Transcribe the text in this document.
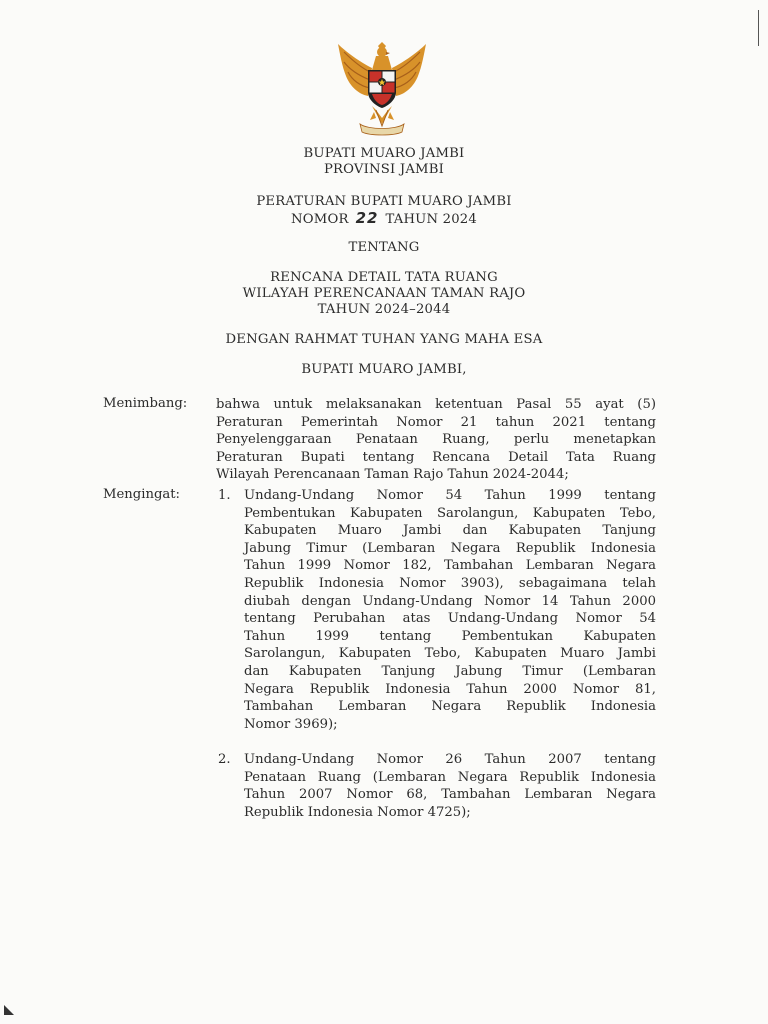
BUPATI MUARO JAMBI
PROVINSI JAMBI
PERATURAN BUPATI MUARO JAMBI
NOMOR 22 TAHUN 2024
TENTANG
RENCANA DETAIL TATA RUANG
WILAYAH PERENCANAAN TAMAN RAJO
TAHUN 2024–2044
DENGAN RAHMAT TUHAN YANG MAHA ESA
BUPATI MUARO JAMBI,
Menimbang: bahwa untuk melaksanakan ketentuan Pasal 55 ayat (5)
Peraturan Pemerintah Nomor 21 tahun 2021 tentang
Penyelenggaraan Penataan Ruang, perlu menetapkan
Peraturan Bupati tentang Rencana Detail Tata Ruang
Wilayah Perencanaan Taman Rajo Tahun 2024-2044;
Mengingat:	1. Undang-Undang Nomor 54 Tahun 1999 tentang
Pembentukan Kabupaten Sarolangun, Kabupaten Tebo,
Kabupaten Muaro Jambi dan Kabupaten Tanjung
Jabung Timur (Lembaran Negara Republik Indonesia
Tahun 1999 Nomor 182, Tambahan Lembaran Negara
Republik Indonesia Nomor 3903), sebagaimana telah
diubah dengan Undang-Undang Nomor 14 Tahun 2000
tentang Perubahan atas Undang-Undang Nomor 54
Tahun 1999 tentang Pembentukan Kabupaten
Sarolangun, Kabupaten Tebo, Kabupaten Muaro Jambi
dan Kabupaten Tanjung Jabung Timur (Lembaran
Negara Republik Indonesia Tahun 2000 Nomor 81,
Tambahan Lembaran Negara Republik Indonesia
Nomor 3969);
2. Undang-Undang Nomor 26 Tahun 2007 tentang
Penataan Ruang (Lembaran Negara Republik Indonesia
Tahun 2007 Nomor 68, Tambahan Lembaran Negara
Republik Indonesia Nomor 4725);
